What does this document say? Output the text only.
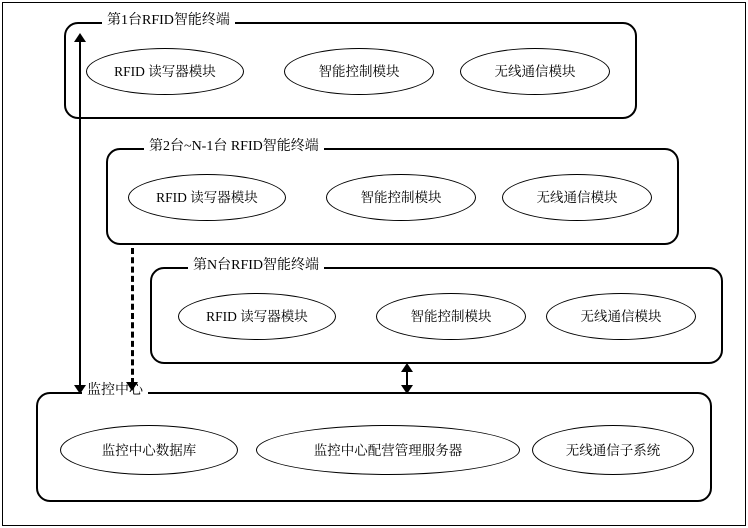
第1台RFID智能终端
RFID 读写器模块	智能控制模块	无线通信模块
第2台~N-1台 RFID智能终端
RFID 读写器模块	智能控制模块	无线通信模块
第N台RFID智能终端
RFID 读写器模块	智能控制模块	无线通信模块
监控中心
监控中心数据库	监控中心配营管理服务器	无线通信子系统
